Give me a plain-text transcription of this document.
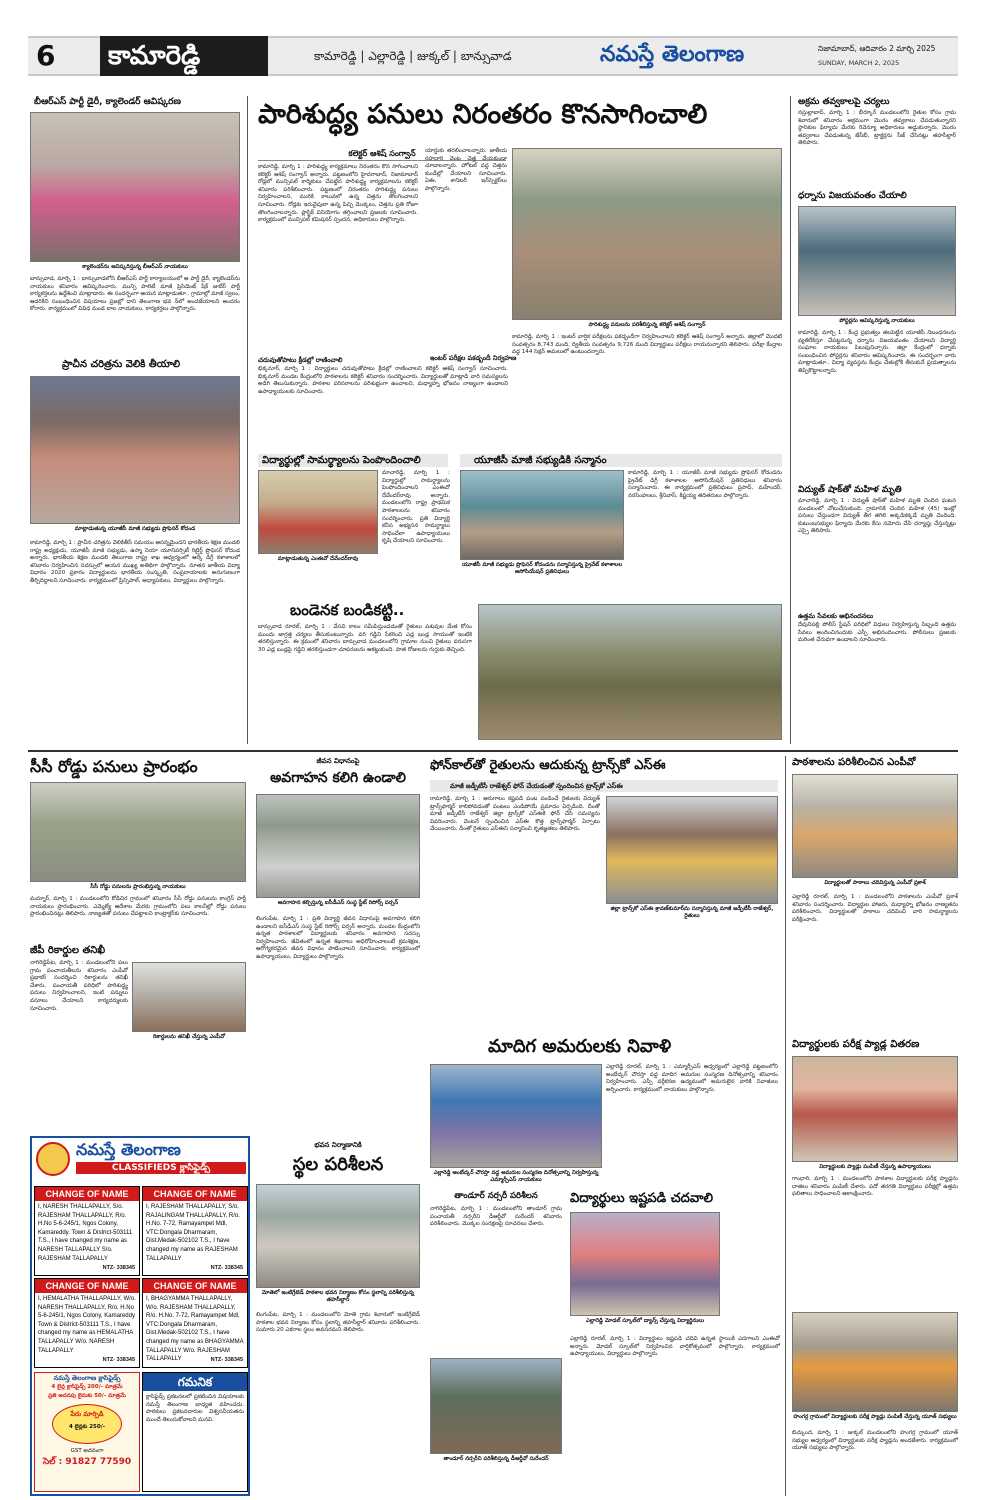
6 కామారెడ్డి	కామారెడ్డి | ఎల్లారెడ్డి | జుక్కల్ | బాన్సువాడ	నమస్తే తెలంగాణ	నిజామాబాద్, ఆదివారం 2 మార్చి 2025
SUNDAY, MARCH 2, 2025
బీఆర్ఎస్ పార్టీ డైరీ, క్యాలెండర్ ఆవిష్కరణ
క్యాలెండర్‌ను ఆవిష్కరిస్తున్న బీఆర్ఎస్ నాయకులు
బాన్సువాడ, మార్చి 1 : బాన్సువాడలోని బీఆర్ఎస్ పార్టీ కార్యాలయంలో ఆ పార్టీ డైరీ, క్యాలెండర్‌ను నాయకులు శనివారం ఆవిష్కరించారు. మున్సి పాలిటీ మాజీ ప్రెసిడెంట్ షేక్ జుబేర్ పార్టీ కార్యకర్తలను ఉద్దేశించి మాట్లాడారు. ఈ సందర్భంగా ఆయన మాట్లాడుతూ.. గ్రామాల్లో మాజీ స్వలం, ఆదరికిని సంబంధించిన విషయాలు ప్రజల్లో దాని తెలంగాణ భవ న్‌లో అందజేయాలని అందరం కోరారు. కార్యక్రమంలో వివిధ మండ లాల నాయకులు, కార్యకర్తలు పాల్గొన్నారు.
ప్రాచీన చరిత్రను వెలికి తీయాలి
మాట్లాడుతున్న యూజీసీ మాజీ సభ్యుడు ప్రొఫెసర్ కోదండ
కామారెడ్డి, మార్చి 1 : ప్రాచీన చరిత్రను వెలికితీసే సమయం ఆసన్నమైందని భారతీయ శిక్షణ మండలి రాష్ట్ర అధ్యక్షుడు, యూజీసీ మాజీ సభ్యుడు, ఉస్మా నియా యూనివర్సిటీ రిటైర్డ్ ప్రొఫెసర్ కోదండ అన్నారు. భారతీయ శిక్షణ మండలి తెలంగాణ రాష్ట్ర శాఖ ఆధ్వర్యంలో ఆర్కే డిగ్రీ కళాశాలలో శనివారం నిర్వహించిన సదస్సులో ఆయన ముఖ్య అతిథిగా పాల్గొన్నారు. నూతన జాతీయ విద్యా విధానం 2020 ప్రకారం విద్యార్థులను భారతీయ సంస్కృతి, సంప్రదాయాలకు అనుగుణంగా తీర్చిదిద్దాలని సూచించారు. కార్యక్రమంలో ప్రిన్సిపాల్, అధ్యాపకులు, విద్యార్థులు పాల్గొన్నారు.
పారిశుద్ధ్య పనులు నిరంతరం కొనసాగించాలి
కలెక్టర్ ఆశిష్ సంగ్వాన్
కామారెడ్డి, మార్చి 1 : పారిశుద్ధ్య కార్యక్రమాలు నిరంతరం కొన సాగించాలని కలెక్టర్ ఆశిష్ సంగ్వాన్ అన్నారు. పట్టణంలోని హైదరాబాద్, నిజామాబాద్ రోడ్లలో మున్సిపల్ కార్మికులు చేపట్టిన పారిశుద్ధ్య కార్యక్రమాలను కలెక్టర్ శనివారం పరిశీలించారు. పట్టణంలో నిరంతరం పారిశుద్ధ్య పనులు నిర్వహించాలని, మురికి కాలువలో ఉన్న చెత్తను తొలగించాలని సూచించారు. రోడ్లకు ఇరువైపులా ఉన్న పిచ్చి మొక్కలు, చెత్తను ప్రతి రోజూ తొలగించాలన్నారు. ప్లాస్టిక్ వినియోగం తగ్గించాలని ప్రజలకు సూచించారు. కార్యక్రమంలో మున్సిపల్ కమిషనర్ స్పందన, అధికారులు పాల్గొన్నారు.
యార్డుకు తరలించాలన్నారు. జాతీయ రహదారి వెంట చెత్త వేయకుండా చూడాలన్నారు. హోటల్ వద్ద చెత్తను కుండీల్లో వేయాలని సూచించారు. ఏఈ, శానిటరీ ఇన్‌స్పెక్టర్‌లు పాల్గొన్నారు.
చదువుతోపాటు క్రీడల్లో రాణించాలి
భిక్కనూర్, మార్చి 1 : విద్యార్థులు చదువుతోపాటు క్రీడల్లో రాణించాలని కలెక్టర్ ఆశిష్ సంగ్వాన్ సూచించారు. భిక్కనూర్ మండల కేంద్రంలోని పాఠశాలను కలెక్టర్ శనివారం సందర్శించారు. విద్యార్థులతో మాట్లాడి వారి సమస్యలను అడిగి తెలుసుకున్నారు. పాఠశాల పరిసరాలను పరిశుభ్రంగా ఉంచాలని, మధ్యాహ్న భోజనం నాణ్యంగా ఉండాలని ఉపాధ్యాయులకు సూచించారు.
ఇంటర్ పరీక్షల పకడ్బందీ నిర్వహణ
పారిశుద్ధ్య పనులను పరిశీలిస్తున్న కలెక్టర్ ఆశిష్ సంగ్వాన్
కామారెడ్డి, మార్చి 1 : ఇంటర్ వార్షిక పరీక్షలను పకడ్బందీగా నిర్వహించాలని కలెక్టర్ ఆశిష్ సంగ్వాన్ అన్నారు. జిల్లాలో మొదటి సంవత్సరం 8,743 మంది, ద్వితీయ సంవత్సరం 9,726 మంది విద్యార్థులు పరీక్షలు రాయనున్నారని తెలిపారు. పరీక్షా కేంద్రాల వద్ద 144 సెక్షన్ అమలులో ఉంటుందన్నారు.
అక్రమ తవ్వకాలపై చర్యలు
నస్రుల్లాబాద్, మార్చి 1 : బీర్కూర్ మండలంలోని రైతుల కోసం గ్రామ శివారులో శనివారం అక్రమంగా మొరం తవ్వకాలు చేపడుతున్నారని స్థానికుల ఫిర్యాదు మేరకు రెవెన్యూ అధికారులు అడ్డుకున్నారు. మొరం తవ్వకాలు చేపడుతున్న జేసీబీ, ట్రాక్టర్లను సీజ్ చేసినట్లు తహసీల్దార్ తెలిపారు.
ధర్నాను విజయవంతం చేయాలి
పోస్టర్లను ఆవిష్కరిస్తున్న నాయకులు
కామారెడ్డి, మార్చి 1 : కేంద్ర ప్రభుత్వం తలపెట్టిన యూజీసీ నిబంధనలను వ్యతిరేకిస్తూ చేపట్టనున్న ధర్నాను విజయవంతం చేయాలని విద్యార్థి సంఘాల నాయకులు పిలుపునిచ్చారు. జిల్లా కేంద్రంలో ధర్నాకు సంబంధించిన పోస్టర్లను శనివారం ఆవిష్కరించారు. ఈ సందర్భంగా వారు మాట్లాడుతూ.. విద్యా వ్యవస్థను కేంద్రం చేతుల్లోకి తీసుకునే ప్రయత్నాలను తిప్పికొట్టాలన్నారు.
విద్యుత్ షాక్‌తో మహిళ మృతి
మాచారెడ్డి, మార్చి 1 : విద్యుత్ షాక్‌తో మహిళ మృతి చెందిన ఘటన మండలంలో చోటుచేసుకుంది. గ్రామానికి చెందిన మహిళ (45) ఇంట్లో పనులు చేస్తుండగా విద్యుత్ తీగ తగిలి అక్కడికక్కడే మృతి చెందింది. కుటుంబసభ్యుల ఫిర్యాదు మేరకు కేసు నమోదు చేసి దర్యాప్తు చేస్తున్నట్లు ఎస్సై తెలిపారు.
ఉత్తమ సేవలకు అభినందనలు
దేవునిపల్లి పోలీస్ స్టేషన్ పరిధిలో విధులు నిర్వహిస్తున్న సిబ్బంది ఉత్తమ సేవలు అందించినందుకు ఎస్పీ అభినందించారు. పోలీసులు ప్రజలకు మరింత చేరువగా ఉండాలని సూచించారు.
విద్యార్థుల్లో సామర్థ్యాలను పెంపొందించాలి
మాట్లాడుతున్న ఎంఈవో దేవేందర్‌రావు
మాచారెడ్డి, మార్చి 1 : విద్యార్థుల్లో సామర్థ్యాలను పెంపొందించాలని ఎంఈవో దేవేందర్‌రావు అన్నారు. మండలంలోని రాష్ట్ర ప్రాథమిక పాఠశాలలను శనివారం సందర్శించారు. ప్రతి విద్యార్థి కనీస అభ్యసన సామర్థ్యాలు సాధించేలా ఉపాధ్యాయులు కృషి చేయాలని సూచించారు.
యూజీసీ మాజీ సభ్యుడికి సన్మానం
యూజీసీ మాజీ సభ్యుడు ప్రొఫెసర్ కోదండను సన్మానిస్తున్న ప్రైవేట్ కళాశాలల అసోసియేషన్ ప్రతినిధులు
కామారెడ్డి, మార్చి 1 : యూజీసీ మాజీ సభ్యుడు ప్రొఫెసర్ కోదండను ప్రైవేట్ డిగ్రీ కళాశాలల అసోసియేషన్ ప్రతినిధులు శనివారం సన్మానించారు. ఈ కార్యక్రమంలో ప్రతినిధులు ప్రసాద్, మహేందర్, నరసింహులు, శ్రీనివాస్, కిష్టయ్య తదితరులు పాల్గొన్నారు.
బండెనక బండికట్టి..
బాన్సువాడ రూరల్, మార్చి 1 : వేసవి కాలం సమీపిస్తుండడంతో రైతులు పశువుల మేత కోసం ముందు జాగ్రత్త చర్యలు తీసుకుంటున్నారు. వరి గడ్డిని సేకరించి ఎడ్ల బండ్ల సాయంతో ఇంటికి తరలిస్తున్నారు. ఈ క్రమంలో శనివారం బాన్సువాడ మండలంలోని గ్రామాల నుంచి రైతులు వరుసగా 30 ఎడ్ల బండ్లపై గడ్డిని తరలిస్తుండగా చూపరులను ఆకట్టుకుంది. పాత రోజులను గుర్తుకు తెచ్చింది.
సీసీ రోడ్డు పనులు ప్రారంభం
సీసీ రోడ్డు పనులను ప్రారంభిస్తున్న నాయకులు
మద్నూర్, మార్చి 1 : మండలంలోని కోడిచిర గ్రామంలో శనివారం సీసీ రోడ్డు పనులను కాంగ్రెస్ పార్టీ నాయకులు ప్రారంభించారు. ఎమ్మెల్యే ఆదేశాల మేరకు గ్రామంలోని పలు కాలనీల్లో రోడ్డు పనులు ప్రారంభించినట్లు తెలిపారు. నాణ్యతతో పనులు చేపట్టాలని కాంట్రాక్టర్‌కు సూచించారు.
జీపీ రికార్డుల తనిఖీ
రికార్డులను తనిఖీ చేస్తున్న ఎంపీవో
నాగిరెడ్డిపేట, మార్చి 1 : మండలంలోని పలు గ్రామ పంచాయతీలను శనివారం ఎంపీవో ప్రభాకర్ సందర్శించి రికార్డులను తనిఖీ చేశారు. పంచాయతీ పరిధిలో పారిశుద్ధ్య పనులు నిర్వహించాలని, ఇంటి పన్నులు వసూలు చేయాలని కార్యదర్శులకు సూచించారు.
జీవన విధానంపై
అవగాహన కలిగి ఉండాలి
అవగాహన కల్పిస్తున్న ఐసీడీఎస్ సంస్థ స్టేట్ రిసోర్స్ పర్సన్
లింగంపేట, మార్చి 1 : ప్రతి విద్యార్థి జీవన విధానంపై అవగాహన కలిగి ఉండాలని ఐసీడీఎస్ సంస్థ స్టేట్ రిసోర్స్ పర్సన్ అన్నారు. మండల కేంద్రంలోని ఉన్నత పాఠశాలలో విద్యార్థులకు శనివారం అవగాహన సదస్సు నిర్వహించారు. జీవితంలో ఉన్నత శిఖరాలు అధిరోహించాలంటే క్రమశిక్షణ, ఆరోగ్యకరమైన జీవన విధానం పాటించాలని సూచించారు. కార్యక్రమంలో ఉపాధ్యాయులు, విద్యార్థులు పాల్గొన్నారు.
ఫోన్‌కాల్‌తో రైతులను ఆదుకున్న ట్రాన్స్‌కో ఎస్ఈ
మాజీ జడ్పీటీసీ రాజేశ్వర్ ఫోన్ చేయడంతో స్పందించిన ట్రాన్స్‌కో ఎస్ఈ
రామారెడ్డి, మార్చి 1 : ఆరుగాలం కష్టపడి పంట పండించే రైతులకు విద్యుత్ ట్రాన్స్‌ఫార్మర్ కాలిపోవడంతో పంటలు ఎండిపోయే ప్రమాదం ఏర్పడింది. దీంతో మాజీ జడ్పీటీసీ రాజేశ్వర్ జిల్లా ట్రాన్స్‌కో ఎస్ఈకి ఫోన్ చేసి సమస్యను వివరించారు. వెంటనే స్పందించిన ఎస్ఈ కొత్త ట్రాన్స్‌ఫార్మర్ ఏర్పాటు చేయించారు. దీంతో రైతులు ఎస్ఈని సన్మానించి కృతజ్ఞతలు తెలిపారు.
జిల్లా ట్రాన్స్‌కో ఎస్ఈ శ్రావణ్‌కుమార్‌ను సన్మానిస్తున్న మాజీ జడ్పీటీసీ రాజేశ్వర్, రైతులు
మాదిగ అమరులకు నివాళి
ఎల్లారెడ్డి అంబేద్కర్ చౌరస్తా వద్ద అమరుల సంస్మరణ దినోత్సవాన్ని నిర్వహిస్తున్న ఎమ్మార్పీఎస్ నాయకులు
ఎల్లారెడ్డి రూరల్, మార్చి 1 : ఎమ్మార్పీఎస్ ఆధ్వర్యంలో ఎల్లారెడ్డి పట్టణంలోని అంబేద్కర్ చౌరస్తా వద్ద మాదిగ అమరుల సంస్మరణ దినోత్సవాన్ని శనివారం నిర్వహించారు. ఎస్సీ వర్గీకరణ ఉద్యమంలో అమరులైన వారికి నివాళులు అర్పించారు. కార్యక్రమంలో నాయకులు పాల్గొన్నారు.
పాఠశాలను పరిశీలించిన ఎంపీవో
విద్యార్థులతో పాఠాలు చదివిస్తున్న ఎంపీవో ప్రకాశ్
ఎల్లారెడ్డి రూరల్, మార్చి 1 : మండలంలోని పాఠశాలను ఎంపీవో ప్రకాశ్ శనివారం సందర్శించారు. విద్యార్థుల హాజరు, మధ్యాహ్న భోజనం నాణ్యతను పరిశీలించారు. విద్యార్థులతో పాఠాలు చదివించి వారి సామర్థ్యాలను పరీక్షించారు.
విద్యార్థులకు పరీక్ష ప్యాడ్ల వితరణ
విద్యార్థులకు ప్యాడ్లు పంపిణీ చేస్తున్న ఉపాధ్యాయులు
గాంధారి, మార్చి 1 : మండలంలోని పాఠశాల విద్యార్థులకు పరీక్ష ప్యాడ్లను దాతలు శనివారం పంపిణీ చేశారు. పదో తరగతి విద్యార్థులు పరీక్షల్లో ఉత్తమ ఫలితాలు సాధించాలని ఆకాంక్షించారు.
హంగర్గ గ్రామంలో విద్యార్థులకు పరీక్ష ప్యాడ్లు పంపిణీ చేస్తున్న యూత్ సభ్యులు
బిచ్కుంద, మార్చి 1 : జుక్కల్ మండలంలోని హంగర్గ గ్రామంలో యూత్ సభ్యుల ఆధ్వర్యంలో విద్యార్థులకు పరీక్ష ప్యాడ్లను అందజేశారు. కార్యక్రమంలో యూత్ సభ్యులు పాల్గొన్నారు.
నమస్తే తెలంగాణ
CLASSIFIEDS క్లాసిఫైడ్స్
CHANGE OF NAME
I, NARESH THALLAPALLY, S/o. RAJESHAM THALLAPALLY, R/o. H.No 5-6-245/1, Ngos Colony, Kamareddy. Town & District-503111 T.S., I have changed my name as NARESH TALLAPALLY S/o. RAJESHAM TALLAPALLY
NTZ- 338345
CHANGE OF NAME
I, RAJESHAM THALLAPALLY, S/o. RAJALINGAM THALLAPALLY, R/o. H.No. 7-72, Ramayampet Mdl, VTC:Dongala Dharmaram, Dist.Medak-502102 T.S., I have changed my name as RAJESHAM TALLAPALLY
NTZ- 338345
CHANGE OF NAME
I, HEMALATHA THALLAPALLY, W/o. NARESH THALLAPALLY, R/o. H.No 5-6-245/1, Ngos Colony, Kamareddy Town & District-503111 T.S., I have changed my name as HEMALATHA TALLAPALLY W/o. NARESH TALLAPALLY
NTZ- 338345
CHANGE OF NAME
I, BHAGYAMMA THALLAPALLY, W/o. RAJESHAM THALLAPALLY, R/o. H.No. 7-72, Ramayampet Mdl, VTC:Dongala Dharmaram, Dist.Medak-502102 T.S., I have changed my name as BHAGYAMMA TALLAPALLY W/o. RAJESHAM TALLAPALLY	NTZ- 338345
నమస్తే తెలంగాణ క్లాసిఫైడ్స్
4 లైన్ల క్లాసిఫైడ్స్ 200/- మాత్రమే
ప్రతి అదనపు లైనుకు 50/- మాత్రమే
పేరు మార్పిడి
4 లైన్లకు 250/-
GST అదనంగా
సెల్ : 91827 77590
గమనిక
క్లాసిఫైడ్స్ ప్రకటనలలో ప్రకటించిన విషయాలకు నమస్తే తెలంగాణ బాధ్యత వహించదు. పాఠకులు ప్రకటనదారుల విశ్వసనీయతను ముందే తెలుసుకోవాలని మనవి.
భవన నిర్మాణానికి
స్థల పరిశీలన
మోతెలో ఇంటిగ్రేటెడ్ పాఠశాల భవన నిర్మాణం కోసం స్థలాన్ని పరిశీలిస్తున్న తహసీల్దార్
లింగంపేట, మార్చి 1 : మండలంలోని మోతె గ్రామ శివారులో ఇంటిగ్రేటెడ్ పాఠశాల భవన నిర్మాణం కోసం స్థలాన్ని తహసీల్దార్ శనివారం పరిశీలించారు. సుమారు 20 ఎకరాల స్థలం అవసరమని తెలిపారు.
తాండూర్ నర్సరీ పరిశీలన
నాగిరెడ్డిపేట, మార్చి 1 : మండలంలోని తాండూర్ గ్రామ పంచాయతీ నర్సరీని డీఆర్డీవో సురేందర్ శనివారం పరిశీలించారు. మొక్కల సంరక్షణపై సూచనలు చేశారు.
తాండూర్ నర్సరీని పరిశీలిస్తున్న డీఆర్డీవో సురేందర్
విద్యార్థులు ఇష్టపడి చదవాలి
ఎల్లారెడ్డి మోడల్ స్కూల్‌లో డ్యాన్స్ చేస్తున్న విద్యార్థినులు
ఎల్లారెడ్డి రూరల్, మార్చి 1 : విద్యార్థులు ఇష్టపడి చదివి ఉన్నత స్థాయికి ఎదగాలని ఎంఈవో అన్నారు. మోడల్ స్కూల్‌లో నిర్వహించిన వార్షికోత్సవంలో పాల్గొన్నారు. కార్యక్రమంలో ఉపాధ్యాయులు, విద్యార్థులు పాల్గొన్నారు.
